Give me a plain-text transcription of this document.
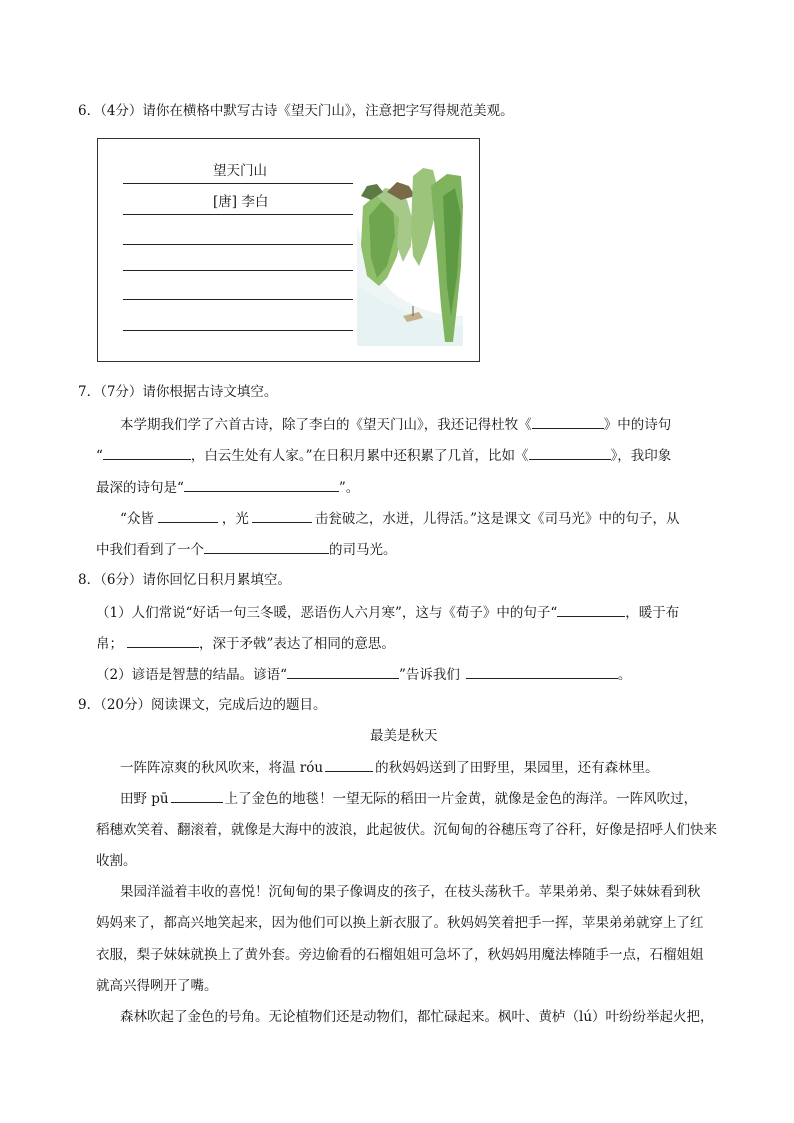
6．（4分）请你在横格中默写古诗《望天门山》，注意把字写得规范美观。
望天门山
[唐] 李白
7．（7分）请你根据古诗文填空。
本学期我们学了六首古诗，除了李白的《望天门山》，我还记得杜牧《	》中的诗句
“	，白云生处有人家。”在日积月累中还积累了几首，比如《	》，我印象
最深的诗句是“	”。
“众皆	，光	击瓮破之，水迸，儿得活。”这是课文《司马光》中的句子，从
中我们看到了一个	的司马光。
8．（6分）请你回忆日积月累填空。
（1）人们常说“好话一句三冬暖，恶语伤人六月寒”，这与《荀子》中的句子“	，暖于布
帛；	，深于矛戟”表达了相同的意思。
（2）谚语是智慧的结晶。谚语“	”告诉我们	。
9．（20分）阅读课文，完成后边的题目。
最美是秋天
一阵阵凉爽的秋风吹来，将温 róu	的秋妈妈送到了田野里，果园里，还有森林里。
田野 pū	上了金色的地毯！一望无际的稻田一片金黄，就像是金色的海洋。一阵风吹过，
稻穗欢笑着、翻滚着，就像是大海中的波浪，此起彼伏。沉甸甸的谷穗压弯了谷秆，好像是招呼人们快来
收割。
果园洋溢着丰收的喜悦！沉甸甸的果子像调皮的孩子，在枝头荡秋千。苹果弟弟、梨子妹妹看到秋
妈妈来了，都高兴地笑起来，因为他们可以换上新衣服了。秋妈妈笑着把手一挥，苹果弟弟就穿上了红
衣服，梨子妹妹就换上了黄外套。旁边偷看的石榴姐姐可急坏了，秋妈妈用魔法棒随手一点，石榴姐姐
就高兴得咧开了嘴。
森林吹起了金色的号角。无论植物们还是动物们，都忙碌起来。枫叶、黄栌（lú）叶纷纷举起火把，
